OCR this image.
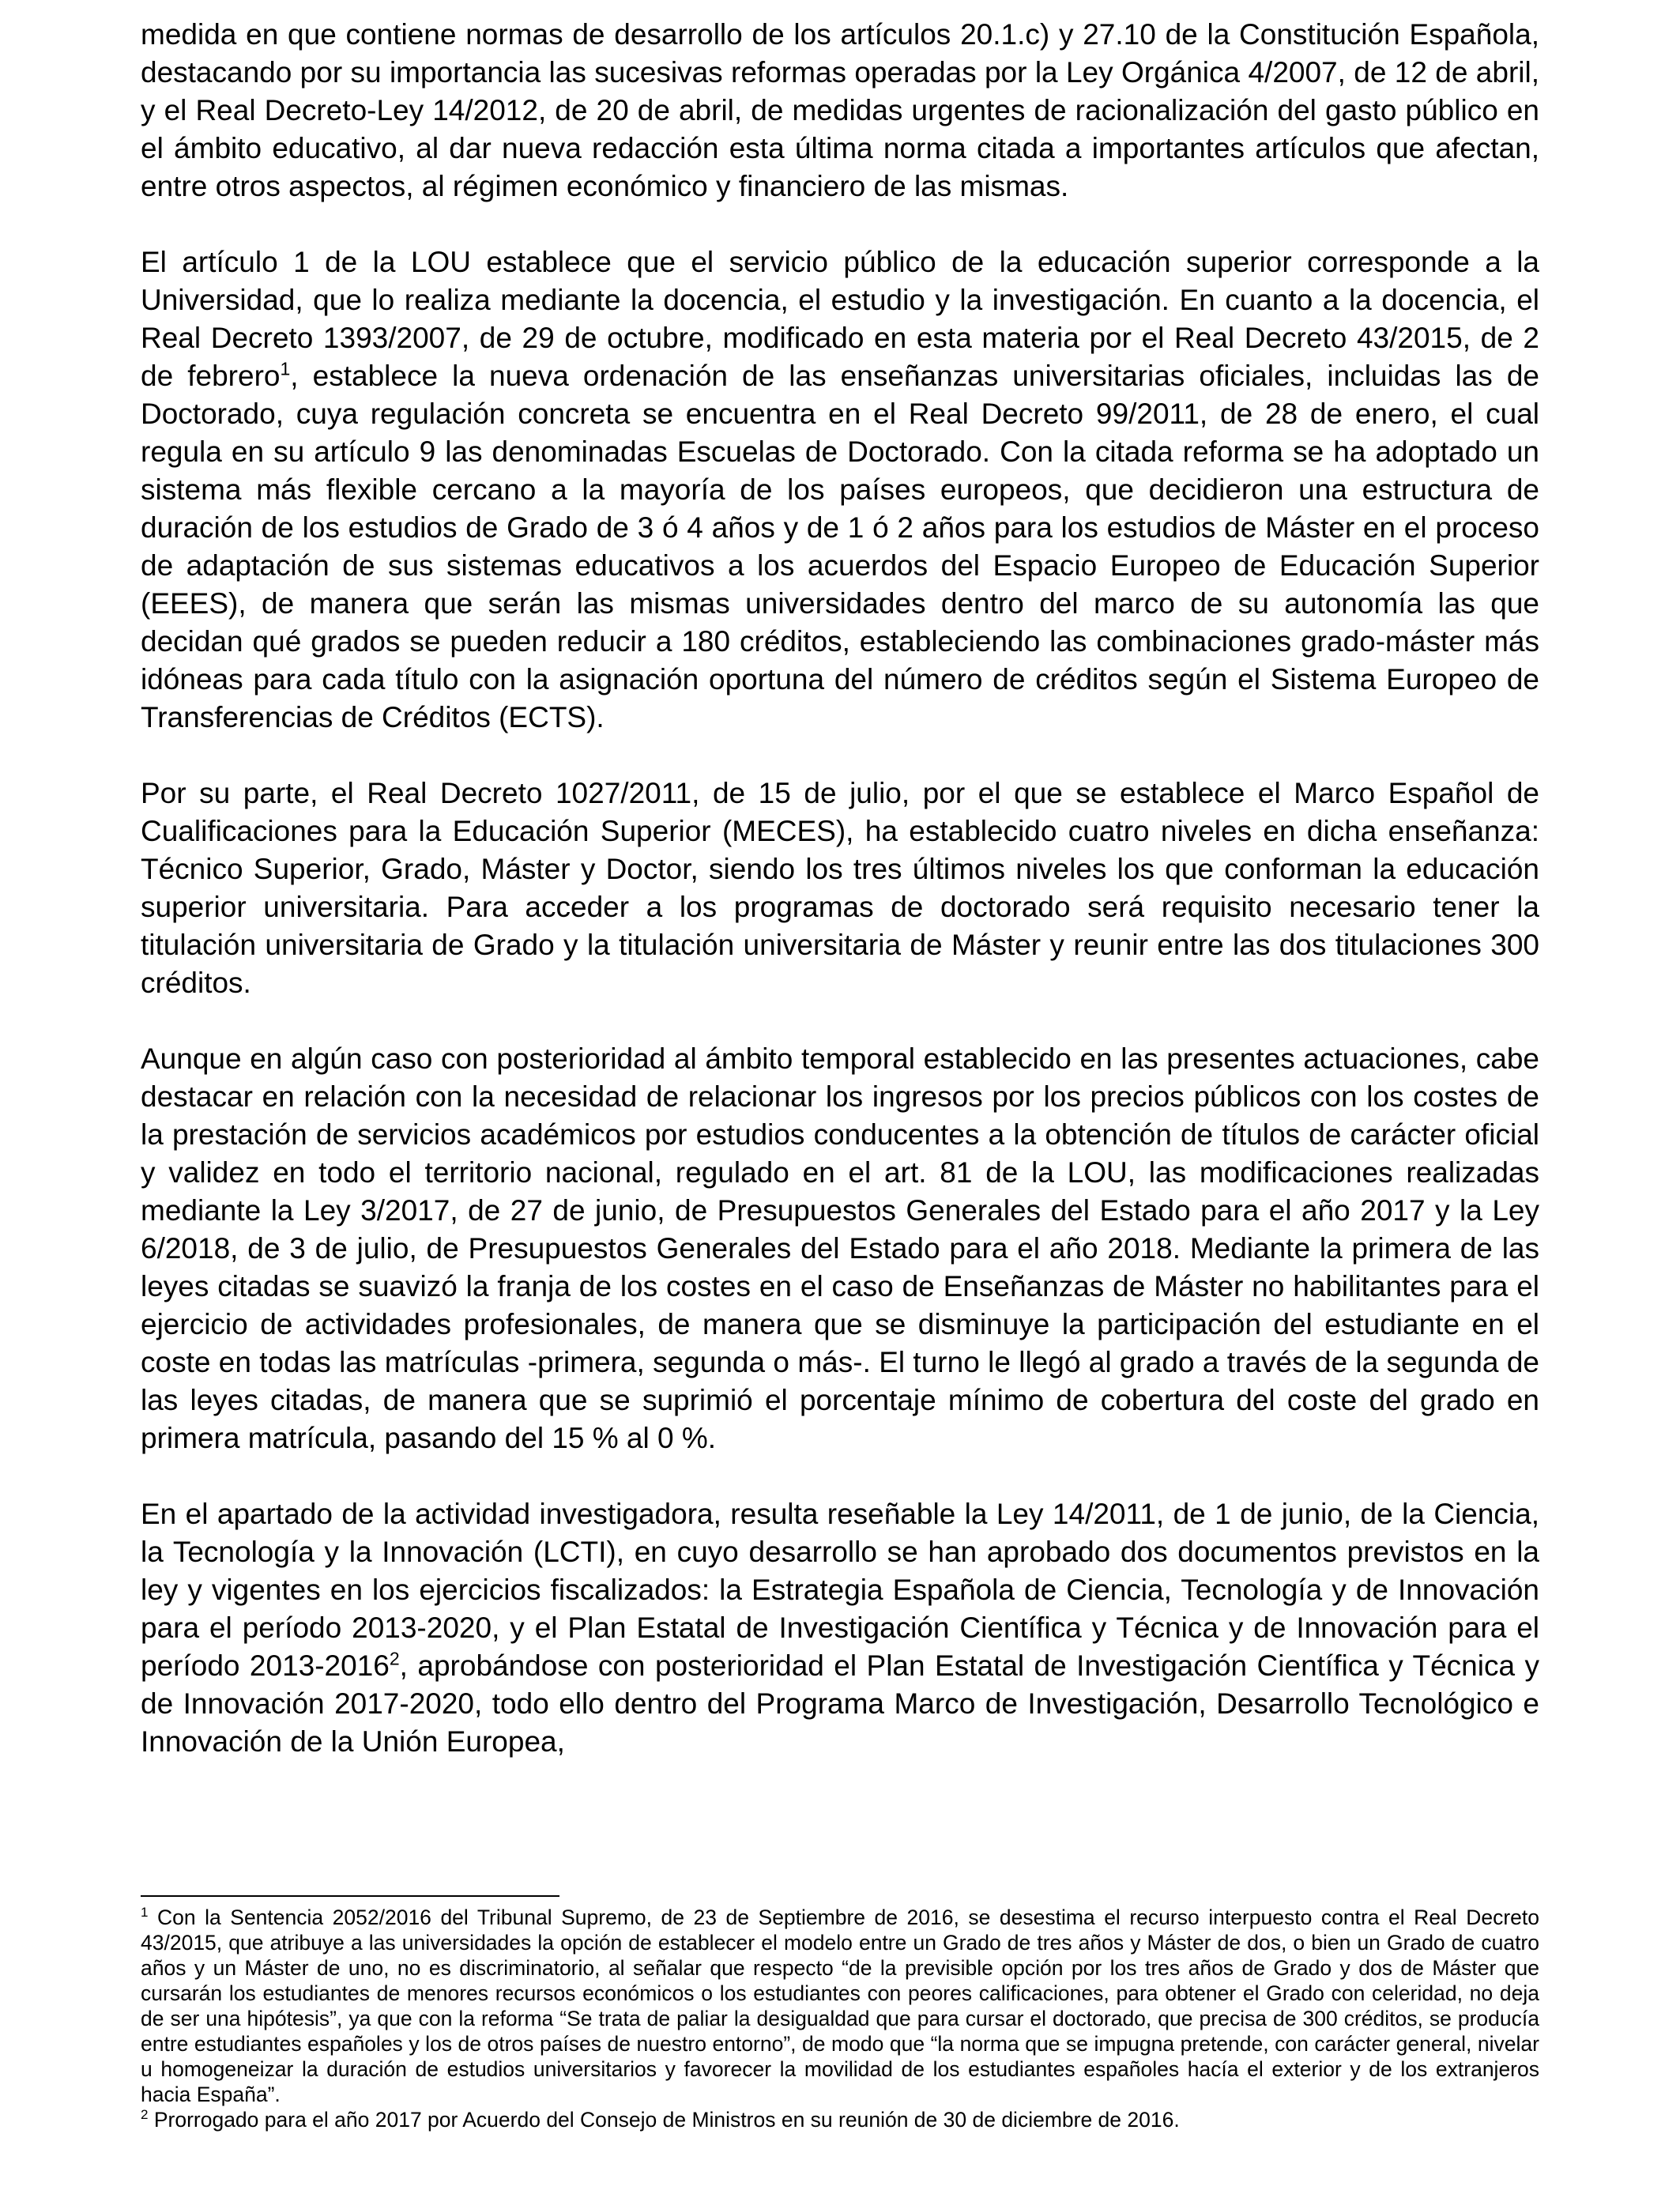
medida en que contiene normas de desarrollo de los artículos 20.1.c) y 27.10 de la Constitución Española, destacando por su importancia las sucesivas reformas operadas por la Ley Orgánica 4/2007, de 12 de abril, y el Real Decreto-Ley 14/2012, de 20 de abril, de medidas urgentes de racionalización del gasto público en el ámbito educativo, al dar nueva redacción esta última norma citada a importantes artículos que afectan, entre otros aspectos, al régimen económico y financiero de las mismas.

El artículo 1 de la LOU establece que el servicio público de la educación superior corresponde a la Universidad, que lo realiza mediante la docencia, el estudio y la investigación. En cuanto a la docencia, el Real Decreto 1393/2007, de 29 de octubre, modificado en esta materia por el Real Decreto 43/2015, de 2 de febrero$^1$, establece la nueva ordenación de las enseñanzas universitarias oficiales, incluidas las de Doctorado, cuya regulación concreta se encuentra en el Real Decreto 99/2011, de 28 de enero, el cual regula en su artículo 9 las denominadas Escuelas de Doctorado. Con la citada reforma se ha adoptado un sistema más flexible cercano a la mayoría de los países europeos, que decidieron una estructura de duración de los estudios de Grado de 3 ó 4 años y de 1 ó 2 años para los estudios de Máster en el proceso de adaptación de sus sistemas educativos a los acuerdos del Espacio Europeo de Educación Superior (EEES), de manera que serán las mismas universidades dentro del marco de su autonomía las que decidan qué grados se pueden reducir a 180 créditos, estableciendo las combinaciones grado-máster más idóneas para cada título con la asignación oportuna del número de créditos según el Sistema Europeo de Transferencias de Créditos (ECTS).

Por su parte, el Real Decreto 1027/2011, de 15 de julio, por el que se establece el Marco Español de Cualificaciones para la Educación Superior (MECES), ha establecido cuatro niveles en dicha enseñanza: Técnico Superior, Grado, Máster y Doctor, siendo los tres últimos niveles los que conforman la educación superior universitaria. Para acceder a los programas de doctorado será requisito necesario tener la titulación universitaria de Grado y la titulación universitaria de Máster y reunir entre las dos titulaciones 300 créditos.

Aunque en algún caso con posterioridad al ámbito temporal establecido en las presentes actuaciones, cabe destacar en relación con la necesidad de relacionar los ingresos por los precios públicos con los costes de la prestación de servicios académicos por estudios conducentes a la obtención de títulos de carácter oficial y validez en todo el territorio nacional, regulado en el art. 81 de la LOU, las modificaciones realizadas mediante la Ley 3/2017, de 27 de junio, de Presupuestos Generales del Estado para el año 2017 y la Ley 6/2018, de 3 de julio, de Presupuestos Generales del Estado para el año 2018. Mediante la primera de las leyes citadas se suavizó la franja de los costes en el caso de Enseñanzas de Máster no habilitantes para el ejercicio de actividades profesionales, de manera que se disminuye la participación del estudiante en el coste en todas las matrículas -primera, segunda o más-. El turno le llegó al grado a través de la segunda de las leyes citadas, de manera que se suprimió el porcentaje mínimo de cobertura del coste del grado en primera matrícula, pasando del 15 % al 0 %.

En el apartado de la actividad investigadora, resulta reseñable la Ley 14/2011, de 1 de junio, de la Ciencia, la Tecnología y la Innovación (LCTI), en cuyo desarrollo se han aprobado dos documentos previstos en la ley y vigentes en los ejercicios fiscalizados: la Estrategia Española de Ciencia, Tecnología y de Innovación para el período 2013-2020, y el Plan Estatal de Investigación Científica y Técnica y de Innovación para el período 2013-2016$^2$, aprobándose con posterioridad el Plan Estatal de Investigación Científica y Técnica y de Innovación 2017-2020, todo ello dentro del Programa Marco de Investigación, Desarrollo Tecnológico e Innovación de la Unión Europea,

$^1$ Con la Sentencia 2052/2016 del Tribunal Supremo, de 23 de Septiembre de 2016, se desestima el recurso interpuesto contra el Real Decreto 43/2015, que atribuye a las universidades la opción de establecer el modelo entre un Grado de tres años y Máster de dos, o bien un Grado de cuatro años y un Máster de uno, no es discriminatorio, al señalar que respecto “de la previsible opción por los tres años de Grado y dos de Máster que cursarán los estudiantes de menores recursos económicos o los estudiantes con peores calificaciones, para obtener el Grado con celeridad, no deja de ser una hipótesis”, ya que con la reforma “Se trata de paliar la desigualdad que para cursar el doctorado, que precisa de 300 créditos, se producía entre estudiantes españoles y los de otros países de nuestro entorno”, de modo que “la norma que se impugna pretende, con carácter general, nivelar u homogeneizar la duración de estudios universitarios y favorecer la movilidad de los estudiantes españoles hacía el exterior y de los extranjeros hacia España”.

$^2$ Prorrogado para el año 2017 por Acuerdo del Consejo de Ministros en su reunión de 30 de diciembre de 2016.
